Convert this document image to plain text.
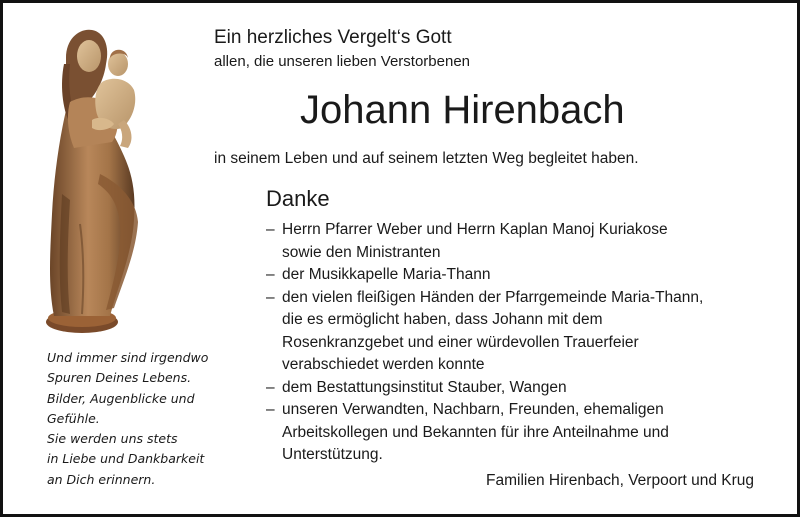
Ein herzliches Vergelt‘s Gott
allen, die unseren lieben Verstorbenen
Johann Hirenbach
in seinem Leben und auf seinem letzten Weg begleitet haben.
Danke
– Herrn Pfarrer Weber und Herrn Kaplan Manoj Kuriakose
sowie den Ministranten
– der Musikkapelle Maria-Thann
– den vielen fleißigen Händen der Pfarrgemeinde Maria-Thann,
die es ermöglicht haben, dass Johann mit dem
Rosenkranzgebet und einer würdevollen Trauerfeier
verabschiedet werden konnte
– dem Bestattungsinstitut Stauber, Wangen
– unseren Verwandten, Nachbarn, Freunden, ehemaligen
Arbeitskollegen und Bekannten für ihre Anteilnahme und
Unterstützung.
Familien Hirenbach, Verpoort und Krug
Und immer sind irgendwo
Spuren Deines Lebens.
Bilder, Augenblicke und
Gefühle.
Sie werden uns stets
in Liebe und Dankbarkeit
an Dich erinnern.
